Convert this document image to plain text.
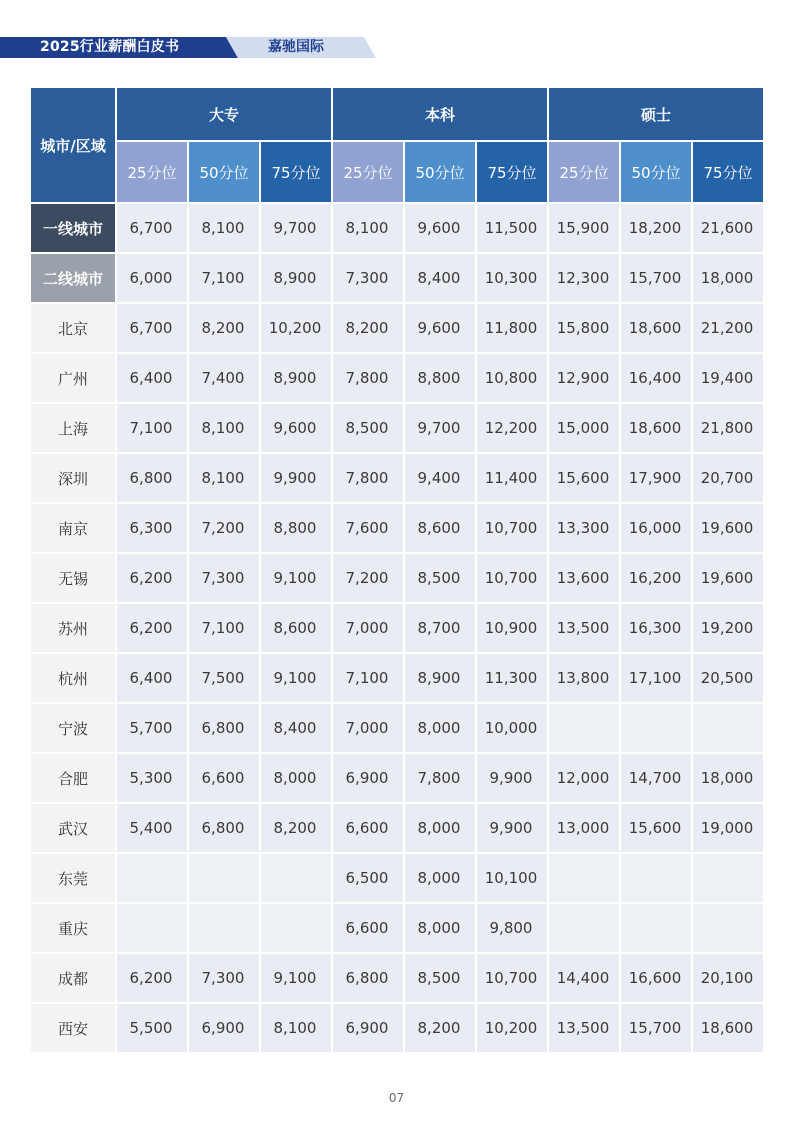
2025行业薪酬白皮书	嘉驰国际
城市/区域	大专			本科			硕士		
	25分位	50分位	75分位	25分位	50分位	75分位	25分位	50分位	75分位

一线城市	6,700	8,100	9,700	8,100	9,600	11,500	15,900	18,200	21,600
二线城市	6,000	7,100	8,900	7,300	8,400	10,300	12,300	15,700	18,000
北京	6,700	8,200	10,200	8,200	9,600	11,800	15,800	18,600	21,200
广州	6,400	7,400	8,900	7,800	8,800	10,800	12,900	16,400	19,400
上海	7,100	8,100	9,600	8,500	9,700	12,200	15,000	18,600	21,800
深圳	6,800	8,100	9,900	7,800	9,400	11,400	15,600	17,900	20,700
南京	6,300	7,200	8,800	7,600	8,600	10,700	13,300	16,000	19,600
无锡	6,200	7,300	9,100	7,200	8,500	10,700	13,600	16,200	19,600
苏州	6,200	7,100	8,600	7,000	8,700	10,900	13,500	16,300	19,200
杭州	6,400	7,500	9,100	7,100	8,900	11,300	13,800	17,100	20,500
宁波	5,700	6,800	8,400	7,000	8,000	10,000			
合肥	5,300	6,600	8,000	6,900	7,800	9,900	12,000	14,700	18,000
武汉	5,400	6,800	8,200	6,600	8,000	9,900	13,000	15,600	19,000
东莞				6,500	8,000	10,100			
重庆				6,600	8,000	9,800			
成都	6,200	7,300	9,100	6,800	8,500	10,700	14,400	16,600	20,100
西安	5,500	6,900	8,100	6,900	8,200	10,200	13,500	15,700	18,600
07
